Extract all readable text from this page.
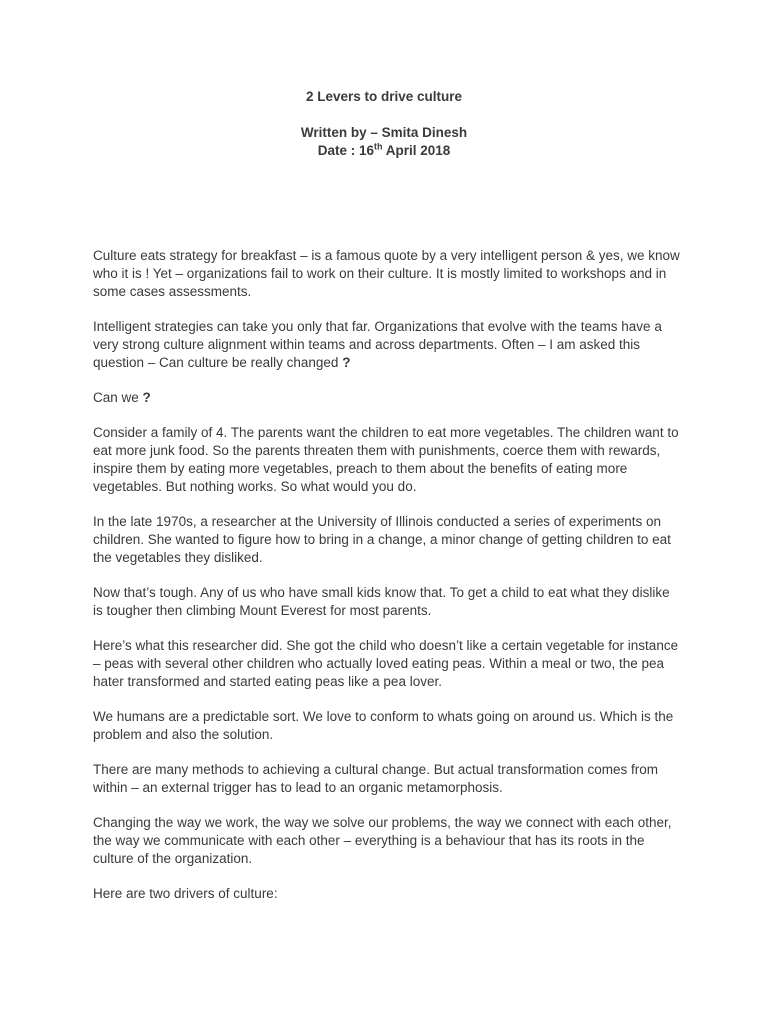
2 Levers to drive culture
Written by – Smita Dinesh
Date : 16th April 2018

Culture eats strategy for breakfast – is a famous quote by a very intelligent person & yes, we know who it is ! Yet – organizations fail to work on their culture. It is mostly limited to workshops and in some cases assessments.

Intelligent strategies can take you only that far. Organizations that evolve with the teams have a very strong culture alignment within teams and across departments. Often – I am asked this question – Can culture be really changed ?

Can we ?

Consider a family of 4. The parents want the children to eat more vegetables. The children want to eat more junk food. So the parents threaten them with punishments, coerce them with rewards, inspire them by eating more vegetables, preach to them about the benefits of eating more vegetables. But nothing works. So what would you do.

In the late 1970s, a researcher at the University of Illinois conducted a series of experiments on children. She wanted to figure how to bring in a change, a minor change of getting children to eat the vegetables they disliked.

Now that’s tough. Any of us who have small kids know that. To get a child to eat what they dislike is tougher then climbing Mount Everest for most parents.

Here’s what this researcher did. She got the child who doesn’t like a certain vegetable for instance – peas with several other children who actually loved eating peas. Within a meal or two, the pea hater transformed and started eating peas like a pea lover.

We humans are a predictable sort. We love to conform to whats going on around us. Which is the problem and also the solution.

There are many methods to achieving a cultural change. But actual transformation comes from within – an external trigger has to lead to an organic metamorphosis.

Changing the way we work, the way we solve our problems, the way we connect with each other, the way we communicate with each other – everything is a behaviour that has its roots in the culture of the organization.

Here are two drivers of culture:
